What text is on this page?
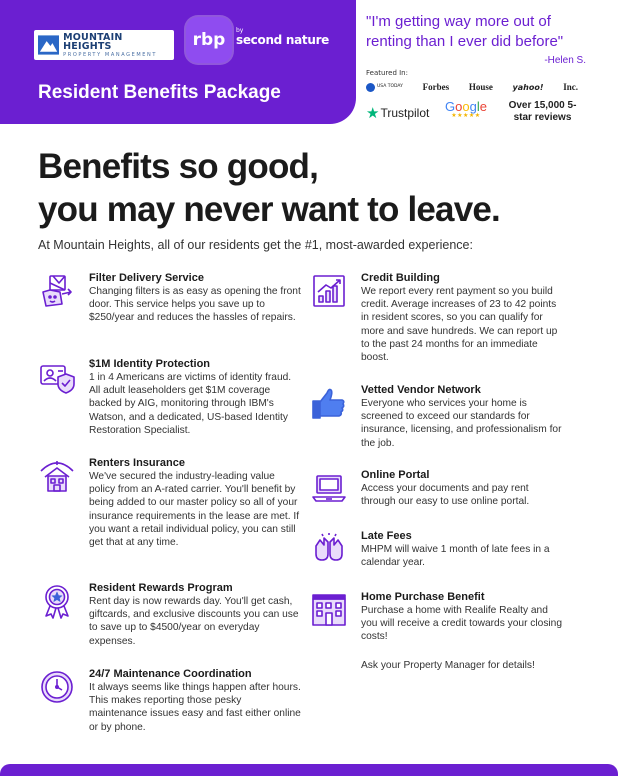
MOUNTAIN HEIGHTS
PROPERTY MANAGEMENT
rbp	by
second nature
Resident Benefits Package
"I'm getting way more out of renting than I ever did before"
-Helen S.
Featured In:
USA TODAY Forbes House yahoo! Inc.
★ Trustpilot Google
★★★★★
Over 15,000 5-star reviews
Benefits so good,
you may never want to leave.
At Mountain Heights, all of our residents get the #1, most-awarded experience:
Filter Delivery Service
Changing filters is as easy as opening the front door. This service helps you save up to $250/year and reduces the hassles of repairs.
$1M Identity Protection
1 in 4 Americans are victims of identity fraud. All adult leaseholders get $1M coverage backed by AIG, monitoring through IBM's Watson, and a dedicated, US-based Identity Restoration Specialist.
Renters Insurance
We've secured the industry-leading value policy from an A-rated carrier. You'll benefit by being added to our master policy so all of your insurance requirements in the lease are met. If you want a retail individual policy, you can still get that at any time.
Resident Rewards Program
Rent day is now rewards day. You'll get cash, giftcards, and exclusive discounts you can use to save up to $4500/year on everyday expenses.
24/7 Maintenance Coordination
It always seems like things happen after hours. This makes reporting those pesky maintenance issues easy and fast either online or by phone.
Credit Building
We report every rent payment so you build credit. Average increases of 23 to 42 points in resident scores, so you can qualify for more and save hundreds. We can report up to the past 24 months for an immediate boost.
Vetted Vendor Network
Everyone who services your home is screened to exceed our standards for insurance, licensing, and professionalism for the job.
Online Portal
Access your documents and pay rent through our easy to use online portal.
Late Fees
MHPM will waive 1 month of late fees in a calendar year.
Home Purchase Benefit
Purchase a home with Realife Realty and you will receive a credit towards your closing costs!
Ask your Property Manager for details!
